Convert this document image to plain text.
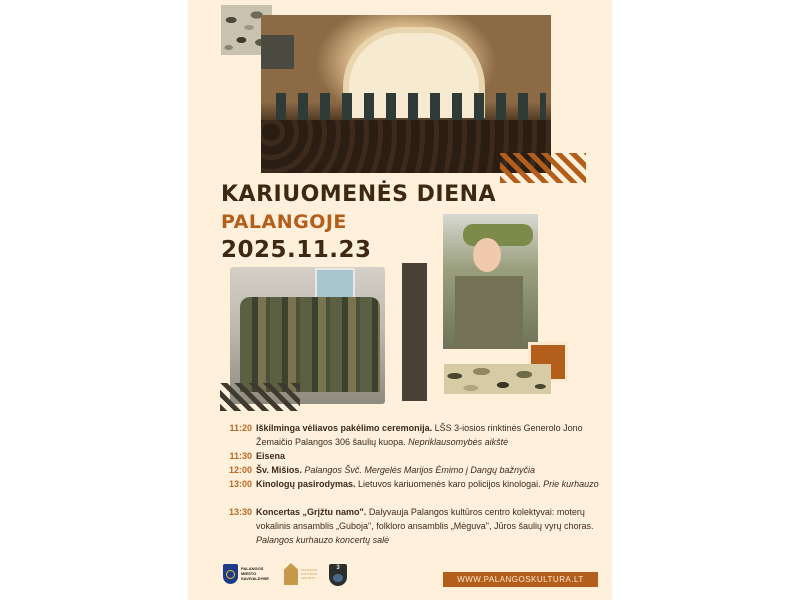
KARIUOMENĖS DIENA
PALANGOJE
2025.11.23
11:20 Iškilminga vėliavos pakėlimo ceremonija. LŠS 3-iosios rinktinės Generolo Jono Žemaičio Palangos 306 šaulių kuopa. Nepriklausomybės aikštė
11:30 Eisena
12:00 Šv. Mišios. Palangos Švč. Mergelės Marijos Ėmimo į Dangų bažnyčia
13:00 Kinologų pasirodymas. Lietuvos kariuomenės karo policijos kinologai. Prie kurhauzo
13:30 Koncertas „Grįžtu namo". Dalyvauja Palangos kultūros centro kolektyvai: moterų vokalinis ansamblis „Guboja", folkloro ansamblis „Mėguva", Jūros šaulių vyrų choras. Palangos kurhauzo koncertų salė
PALANGOS
MIESTO
SAVIVALDYBĖ
PALANGOS
KULTŪROS
CENTRAS
3
WWW.PALANGOSKULTURA.LT
